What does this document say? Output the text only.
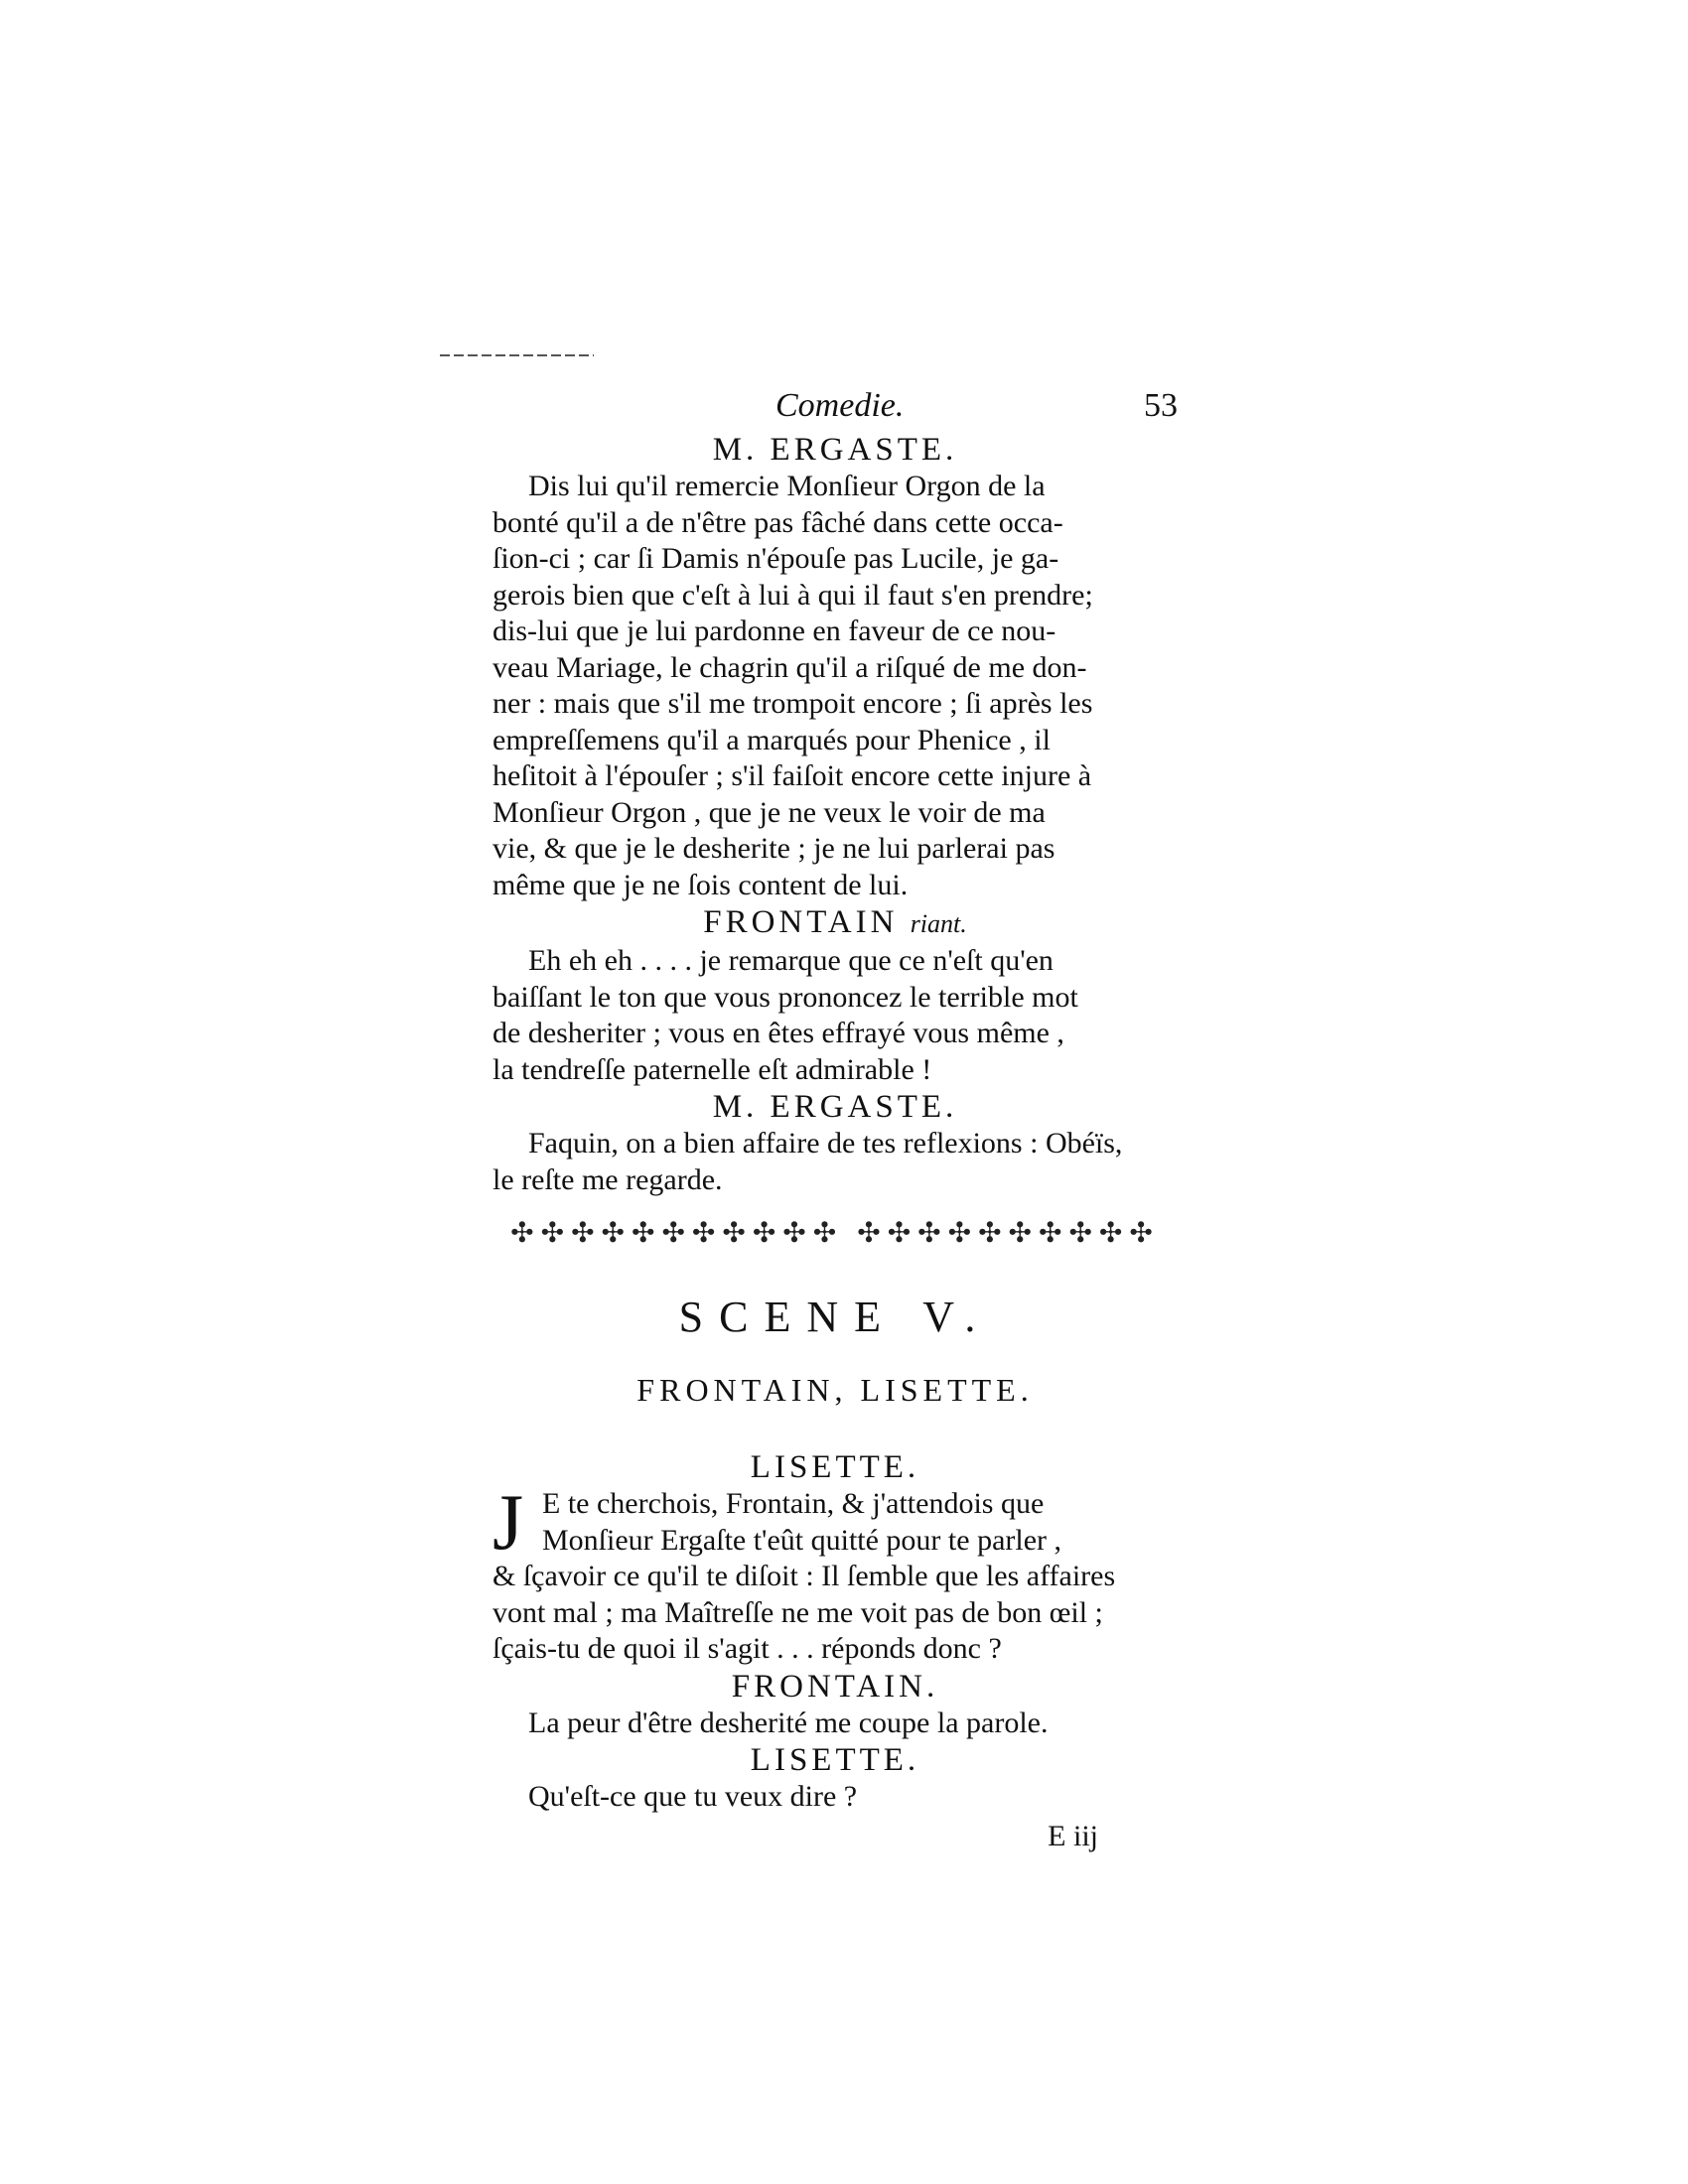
Comedie.	53
M. ERGASTE.
Dis lui qu'il remercie Monſieur Orgon de la
bonté qu'il a de n'être pas fâché dans cette occa-
ſion-ci ; car ſi Damis n'épouſe pas Lucile, je ga-
gerois bien que c'eſt à lui à qui il faut s'en prendre;
dis-lui que je lui pardonne en faveur de ce nou-
veau Mariage, le chagrin qu'il a riſqué de me don-
ner : mais que s'il me trompoit encore ; ſi après les
empreſſemens qu'il a marqués pour Phenice , il
heſitoit à l'épouſer ; s'il faiſoit encore cette injure à
Monſieur Orgon , que je ne veux le voir de ma
vie, & que je le desherite ; je ne lui parlerai pas
même que je ne ſois content de lui.
FRONTAIN riant.
Eh eh eh . . . . je remarque que ce n'eſt qu'en
baiſſant le ton que vous prononcez le terrible mot
de desheriter ; vous en êtes effrayé vous même ,
la tendreſſe paternelle eſt admirable !
M. ERGASTE.
Faquin, on a bien affaire de tes reflexions : Obéïs,
le reſte me regarde.
✣✣✣✣✣✣✣✣✣✣✣ ✣✣✣✣✣✣✣✣✣✣
SCENE V.
FRONTAIN, LISETTE.
LISETTE.
J E te cherchois, Frontain, & j'attendois que
Monſieur Ergaſte t'eût quitté pour te parler ,
& ſçavoir ce qu'il te diſoit : Il ſemble que les affaires
vont mal ; ma Maîtreſſe ne me voit pas de bon œil ;
ſçais-tu de quoi il s'agit . . . réponds donc ?
FRONTAIN.
La peur d'être desherité me coupe la parole.
LISETTE.
Qu'eſt-ce que tu veux dire ?
E iij
